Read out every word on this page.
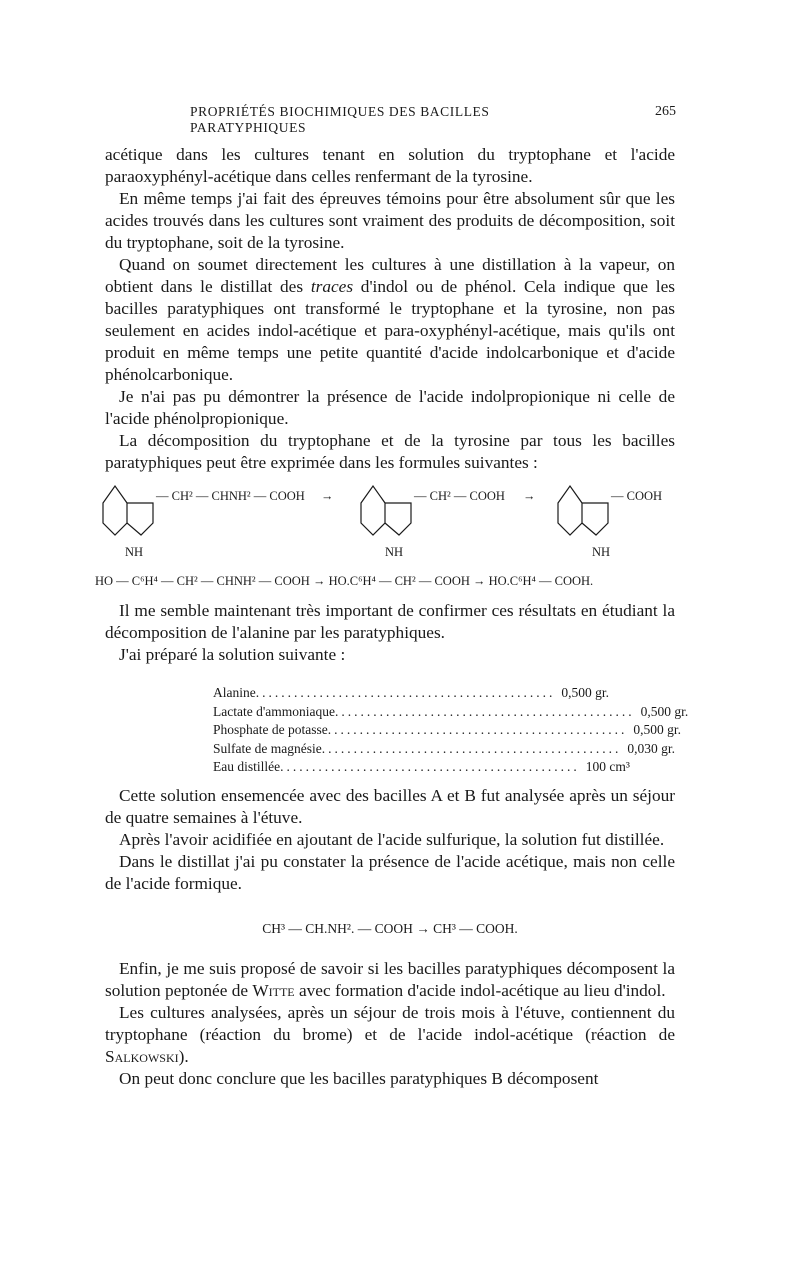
PROPRIÉTÉS BIOCHIMIQUES DES BACILLES PARATYPHIQUES
265

acétique dans les cultures tenant en solution du tryptophane et l'acide paraoxyphényl-acétique dans celles renfermant de la tyrosine.

En même temps j'ai fait des épreuves témoins pour être absolument sûr que les acides trouvés dans les cultures sont vraiment des produits de décomposition, soit du tryptophane, soit de la tyrosine.

Quand on soumet directement les cultures à une distillation à la vapeur, on obtient dans le distillat des traces d'indol ou de phénol. Cela indique que les bacilles paratyphiques ont transformé le tryptophane et la tyrosine, non pas seulement en acides indol-acétique et para-oxyphényl-acétique, mais qu'ils ont produit en même temps une petite quantité d'acide indolcarbonique et d'acide phénolcarbonique.

Je n'ai pas pu démontrer la présence de l'acide indolpropionique ni celle de l'acide phénolpropionique.

La décomposition du tryptophane et de la tyrosine par tous les bacilles paratyphiques peut être exprimée dans les formules suivantes :

— CH² — CHNH² — COOH →
NH
— CH² — COOH →
NH
— COOH
NH
HO — C⁶H⁴ — CH² — CHNH² — COOH → HO.C⁶H⁴ — CH² — COOH → HO.C⁶H⁴ — COOH.

Il me semble maintenant très important de confirmer ces résultats en étudiant la décomposition de l'alanine par les paratyphiques.

J'ai préparé la solution suivante :

Alanine ............................................... 0,500 gr.
Lactate d'ammoniaque ............................................... 0,500 gr.
Phosphate de potasse ............................................... 0,500 gr.
Sulfate de magnésie ............................................... 0,030 gr.
Eau distillée ............................................... 100 cm³

Cette solution ensemencée avec des bacilles A et B fut analysée après un séjour de quatre semaines à l'étuve.

Après l'avoir acidifiée en ajoutant de l'acide sulfurique, la solution fut distillée.

Dans le distillat j'ai pu constater la présence de l'acide acétique, mais non celle de l'acide formique.

CH³ — CH.NH². — COOH → CH³ — COOH.

Enfin, je me suis proposé de savoir si les bacilles paratyphiques décomposent la solution peptonée de Witte avec formation d'acide indol-acétique au lieu d'indol.

Les cultures analysées, après un séjour de trois mois à l'étuve, contiennent du tryptophane (réaction du brome) et de l'acide indol-acétique (réaction de Salkowski).

On peut donc conclure que les bacilles paratyphiques B décomposent
